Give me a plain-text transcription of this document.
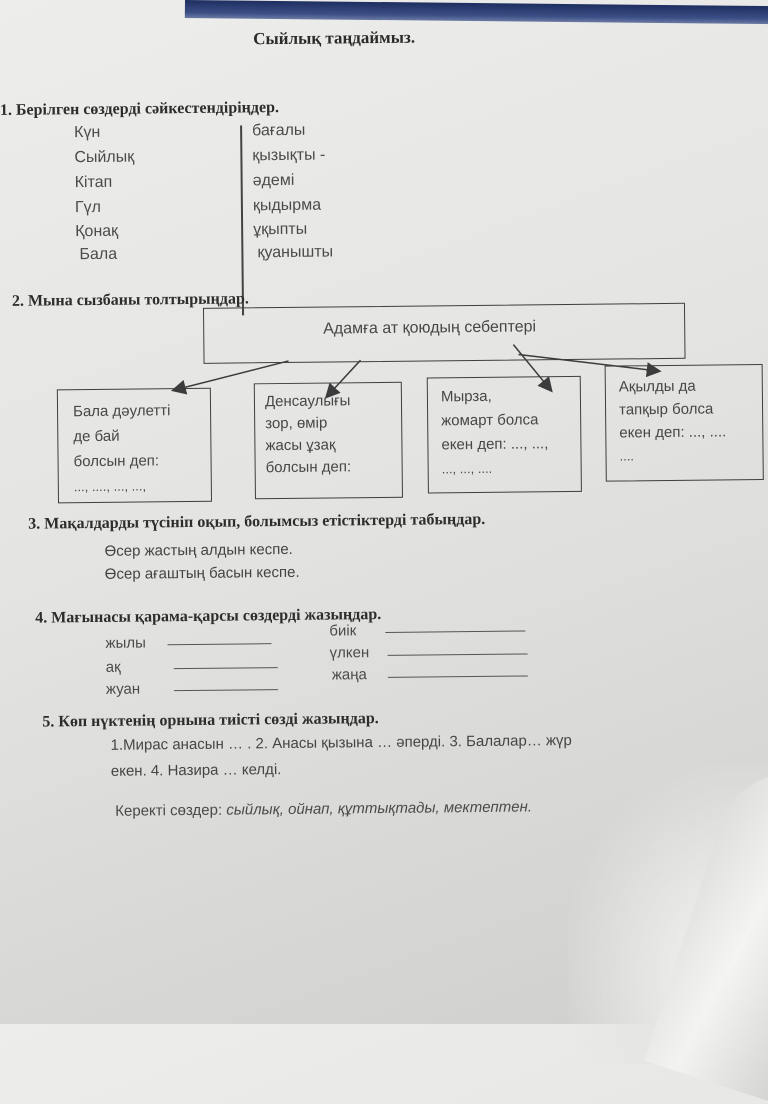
Сыйлық таңдаймыз.
1. Берілген сөздерді сәйкестендіріңдер.
Күн
Сыйлық
Кітап
Гүл
Қонақ
Бала
бағалы
қызықты -
әдемі
қыдырма
ұқыпты
қуанышты
2. Мына сызбаны толтырыңдар.
Адамға ат қоюдың себептері
Бала дәулетті
де бай
болсын деп:
..., ...., ..., ...,
Денсаулығы
зор, өмір
жасы ұзақ
болсын деп:
Мырза,
жомарт болса
екен деп: ..., ...,
..., ..., ....
Ақылды да
тапқыр болса
екен деп: ..., ....
....
3. Мақалдарды түсініп оқып, болымсыз етістіктерді табыңдар.
Өсер жастың алдын кеспе.
Өсер ағаштың басын кеспе.
4. Мағынасы қарама-қарсы сөздерді жазыңдар.
жылы
ақ
жуан
биік
үлкен
жаңа
5. Көп нүктенің орнына тиісті сөзді жазыңдар.
1.Мирас анасын … . 2. Анасы қызына … әперді. 3. Балалар… жүр
екен. 4. Назира … келді.
Керекті сөздер: сыйлық, ойнап, құттықтады, мектептен.
